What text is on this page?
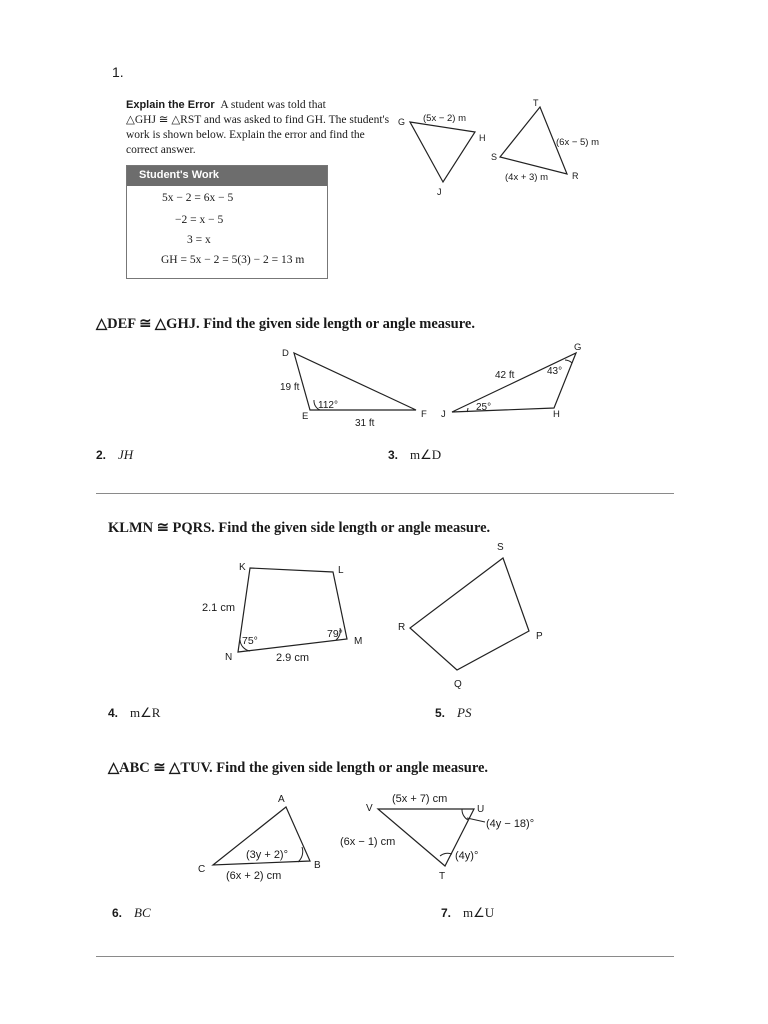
1.
Explain the Error A student was told that
△GHJ ≅ △RST and was asked to find GH. The student's
work is shown below. Explain the error and find the
correct answer.
Student's Work
5x − 2 = 6x − 5
−2 = x − 5
3 = x
GH = 5x − 2 = 5(3) − 2 = 13 m
G
H
J
(5x − 2) m
T
S
R
(6x − 5) m
(4x + 3) m
△DEF ≅ △GHJ. Find the given side length or angle measure.
D
E	F
19 ft
31 ft
112°
G
H
J
42 ft	43°
25°
2. JH	3. m∠D
KLMN ≅ PQRS. Find the given side length or angle measure.
K	L
M
N
2.1 cm
2.9 cm
75°
79°
S
R
P
Q
4. m∠R	5. PS
△ABC ≅ △TUV. Find the given side length or angle measure.
A
B
C
(3y + 2)°
(6x + 2) cm
V	U
T
(5x + 7) cm
(6x − 1) cm
(4y − 18)°
(4y)°
6. BC	7. m∠U
